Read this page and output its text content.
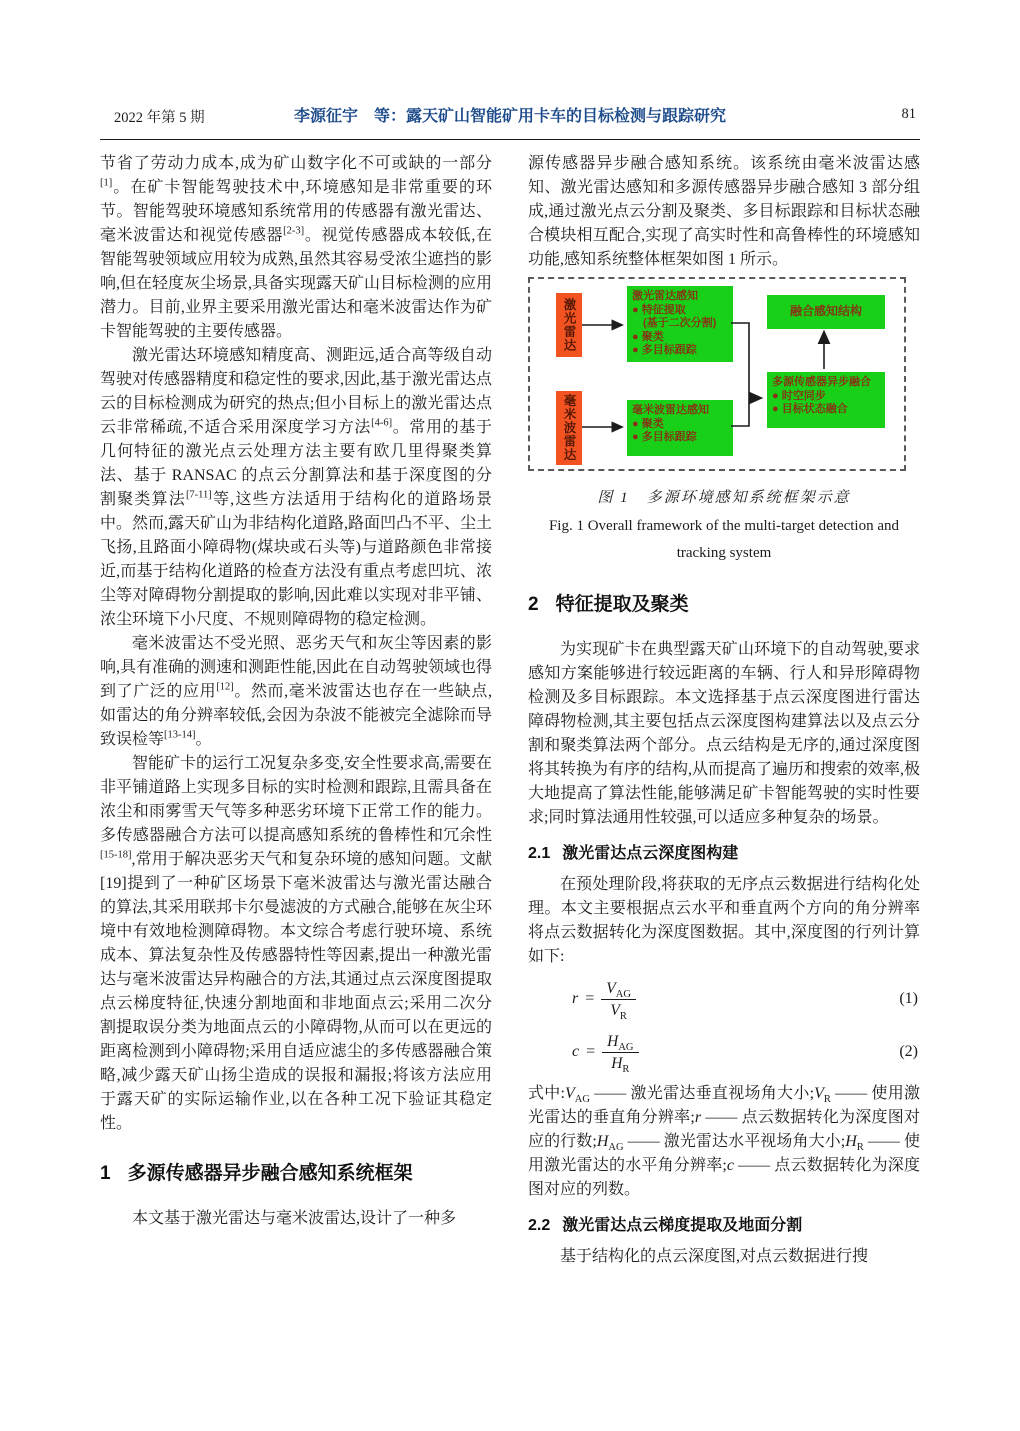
2022 年第 5 期	李源征宇　等：露天矿山智能矿用卡车的目标检测与跟踪研究	81

节省了劳动力成本,成为矿山数字化不可或缺的一部分[1]。在矿卡智能驾驶技术中,环境感知是非常重要的环节。智能驾驶环境感知系统常用的传感器有激光雷达、毫米波雷达和视觉传感器[2-3]。视觉传感器成本较低,在智能驾驶领域应用较为成熟,虽然其容易受浓尘遮挡的影响,但在轻度灰尘场景,具备实现露天矿山目标检测的应用潜力。目前,业界主要采用激光雷达和毫米波雷达作为矿卡智能驾驶的主要传感器。

激光雷达环境感知精度高、测距远,适合高等级自动驾驶对传感器精度和稳定性的要求,因此,基于激光雷达点云的目标检测成为研究的热点;但小目标上的激光雷达点云非常稀疏,不适合采用深度学习方法[4-6]。常用的基于几何特征的激光点云处理方法主要有欧几里得聚类算法、基于 RANSAC 的点云分割算法和基于深度图的分割聚类算法[7-11]等,这些方法适用于结构化的道路场景中。然而,露天矿山为非结构化道路,路面凹凸不平、尘土飞扬,且路面小障碍物(煤块或石头等)与道路颜色非常接近,而基于结构化道路的检查方法没有重点考虑凹坑、浓尘等对障碍物分割提取的影响,因此难以实现对非平铺、浓尘环境下小尺度、不规则障碍物的稳定检测。

毫米波雷达不受光照、恶劣天气和灰尘等因素的影响,具有准确的测速和测距性能,因此在自动驾驶领域也得到了广泛的应用[12]。然而,毫米波雷达也存在一些缺点,如雷达的角分辨率较低,会因为杂波不能被完全滤除而导致误检等[13-14]。

智能矿卡的运行工况复杂多变,安全性要求高,需要在非平铺道路上实现多目标的实时检测和跟踪,且需具备在浓尘和雨雾雪天气等多种恶劣环境下正常工作的能力。多传感器融合方法可以提高感知系统的鲁棒性和冗余性[15-18],常用于解决恶劣天气和复杂环境的感知问题。文献[19]提到了一种矿区场景下毫米波雷达与激光雷达融合的算法,其采用联邦卡尔曼滤波的方式融合,能够在灰尘环境中有效地检测障碍物。本文综合考虑行驶环境、系统成本、算法复杂性及传感器特性等因素,提出一种激光雷达与毫米波雷达异构融合的方法,其通过点云深度图提取点云梯度特征,快速分割地面和非地面点云;采用二次分割提取误分类为地面点云的小障碍物,从而可以在更远的距离检测到小障碍物;采用自适应滤尘的多传感器融合策略,减少露天矿山扬尘造成的误报和漏报;将该方法应用于露天矿的实际运输作业,以在各种工况下验证其稳定性。

1 多源传感器异步融合感知系统框架

本文基于激光雷达与毫米波雷达,设计了一种多

源传感器异步融合感知系统。该系统由毫米波雷达感知、激光雷达感知和多源传感器异步融合感知 3 部分组成,通过激光点云分割及聚类、多目标跟踪和目标状态融合模块相互配合,实现了高实时性和高鲁棒性的环境感知功能,感知系统整体框架如图 1 所示。

激光雷达
毫米波雷达
激光雷达感知
● 特征提取
(基于二次分割)
● 聚类
● 多目标跟踪
毫米波雷达感知
● 聚类
● 多目标跟踪
融合感知结构
多源传感器异步融合
● 时空同步
● 目标状态融合
图 1　多源环境感知系统框架示意
Fig. 1 Overall framework of the multi-target detection and
tracking system
2 特征提取及聚类

为实现矿卡在典型露天矿山环境下的自动驾驶,要求感知方案能够进行较远距离的车辆、行人和异形障碍物检测及多目标跟踪。本文选择基于点云深度图进行雷达障碍物检测,其主要包括点云深度图构建算法以及点云分割和聚类算法两个部分。点云结构是无序的,通过深度图将其转换为有序的结构,从而提高了遍历和搜索的效率,极大地提高了算法性能,能够满足矿卡智能驾驶的实时性要求;同时算法通用性较强,可以适应多种复杂的场景。

2.1 激光雷达点云深度图构建

在预处理阶段,将获取的无序点云数据进行结构化处理。本文主要根据点云水平和垂直两个方向的角分辨率将点云数据转化为深度图数据。其中,深度图的行列计算如下:

$r = \frac{V_{AG}}{V_R}$	(1)
$c = \frac{H_{AG}}{H_R}$	(2)

式中$:V_{AG}$ —— 激光雷达垂直视场角大小$;V_R$ —— 使用激光雷达的垂直角分辨率;r —— 点云数据转化为深度图对应的行数$;H_{AG}$ —— 激光雷达水平视场角大小$;H_R$ —— 使用激光雷达的水平角分辨率;c —— 点云数据转化为深度图对应的列数。

2.2 激光雷达点云梯度提取及地面分割

基于结构化的点云深度图,对点云数据进行搜
